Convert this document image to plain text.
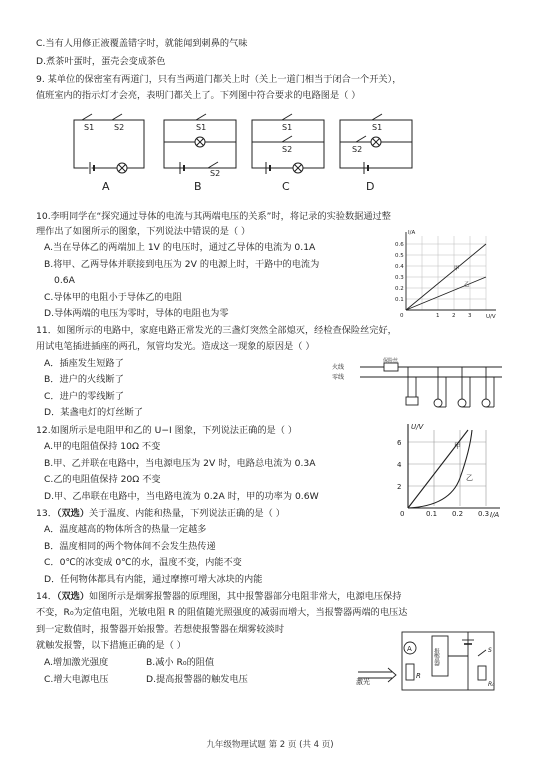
C.当有人用修正液覆盖错字时，就能闻到刺鼻的气味
D.煮茶叶蛋时，蛋壳会变成茶色
9. 某单位的保密室有两道门，只有当两道门都关上时（关上一道门相当于闭合一个开关），
值班室内的指示灯才会亮，表明门都关上了。下列图中符合要求的电路图是（ ）
S1 S2	S1
S2
S1
S2
S1
S2
A	B	C	D
10.李明同学在“探究通过导体的电流与其两端电压的关系”时，将记录的实验数据通过整
理作出了如图所示的图象，下列说法中错误的是（ ）
A.当在导体乙的两端加上 1V 的电压时，通过乙导体的电流为 0.1A
B.将甲、乙两导体并联接到电压为 2V 的电源上时，干路中的电流为
0.6A
C.导体甲的电阻小于导体乙的电阻
D.导体两端的电压为零时，导体的电阻也为零
I/A
U/V
0.6
0.5
0.4
0.3
0.2
0.1
0	1 2 3
甲
乙
11．如图所示的电路中，家庭电路正常发光的三盏灯突然全部熄灭，经检查保险丝完好，
用试电笔插进插座的两孔，氖管均发光。造成这一现象的原因是（ ）
A．插座发生短路了
B．进户的火线断了
C．进户的零线断了
D．某盏电灯的灯丝断了
火线
零线
保险丝
12.如图所示是电阻甲和乙的 U−I 图象，下列说法正确的是（ ）
A.甲的电阻值保持 10Ω 不变
B.甲、乙并联在电路中，当电源电压为 2V 时，电路总电流为 0.3A
C.乙的电阻值保持 20Ω 不变
D.甲、乙串联在电路中，当电路电流为 0.2A 时，甲的功率为 0.6W
U/V
I/A
6
4
2
0	0.1 0.2 0.3
甲
乙
13．（双选）关于温度、内能和热量，下列说法正确的是（ ）
A．温度越高的物体所含的热量一定越多
B．温度相同的两个物体间不会发生热传递
C．0℃的冰变成 0℃的水，温度不变，内能不变
D．任何物体都具有内能，通过摩擦可增大冰块的内能
14．（双选）如图所示是烟雾报警器的原理图，其中报警器部分电阻非常大，电源电压保持
不变，R₀为定值电阻，光敏电阻 R 的阻值随光照强度的减弱而增大，当报警器两端的电压达
到一定数值时，报警器开始报警。若想使报警器在烟雾较淡时
就触发报警，以下措施正确的是（ ）
A.增加激光强度	B.减小 R₀的阻值
C.增大电源电压	D.提高报警器的触发电压	激光
A
R
报警器	S
R₀
九年级物理试题 第 2 页 (共 4 页)
